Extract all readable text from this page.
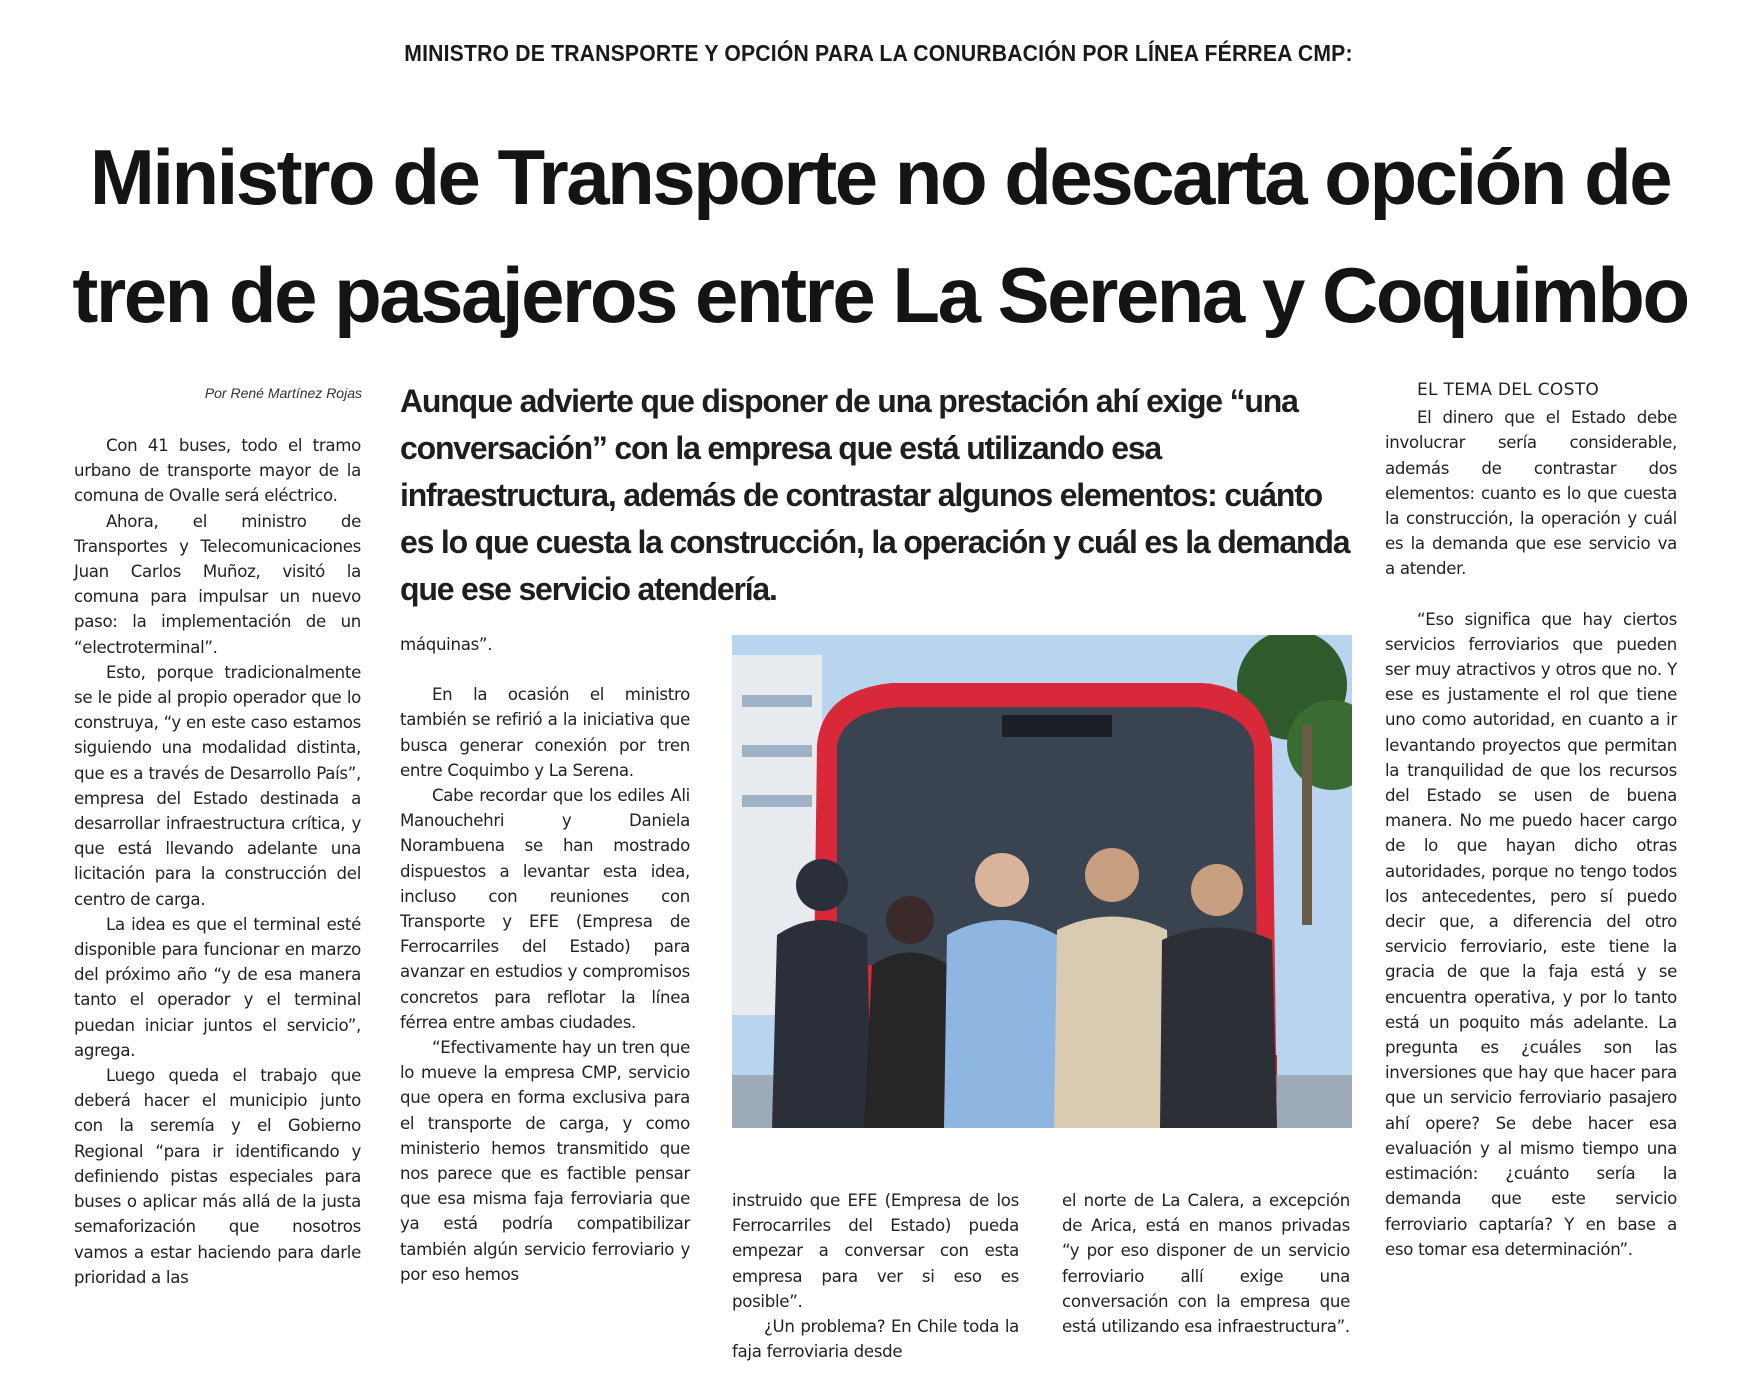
MINISTRO DE TRANSPORTE Y OPCIÓN PARA LA CONURBACIÓN POR LÍNEA FÉRREA CMP:
Ministro de Transporte no descarta opción de tren de pasajeros entre La Serena y Coquimbo
Por René Martínez Rojas Aunque advierte que disponer de una prestación ahí exige “una conversación” con la empresa que está utilizando esa infraestructura, además de contrastar algunos elementos: cuánto es lo que cuesta la construcción, la operación y cuál es la demanda que ese servicio atendería.

Con 41 buses, todo el tramo urbano de transporte mayor de la comuna de Ovalle será eléctrico.

Ahora, el ministro de Transportes y Telecomunicaciones Juan Carlos Muñoz, visitó la comuna para impulsar un nuevo paso: la implementación de un “electroterminal”.

Esto, porque tradicionalmente se le pide al propio operador que lo construya, “y en este caso estamos siguiendo una modalidad distinta, que es a través de Desarrollo País”, empresa del Estado destinada a desarrollar infraestructura crítica, y que está llevando adelante una licitación para la construcción del centro de carga.

La idea es que el terminal esté disponible para funcionar en marzo del próximo año “y de esa manera tanto el operador y el terminal puedan iniciar juntos el servicio”, agrega.

Luego queda el trabajo que deberá hacer el municipio junto con la seremía y el Gobierno Regional “para ir identificando y definiendo pistas especiales para buses o aplicar más allá de la justa semaforización que nosotros vamos a estar haciendo para darle prioridad a las

máquinas”.

En la ocasión el ministro también se refirió a la iniciativa que busca generar conexión por tren entre Coquimbo y La Serena.

Cabe recordar que los ediles Ali Manouchehri y Daniela Norambuena se han mostrado dispuestos a levantar esta idea, incluso con reuniones con Transporte y EFE (Empresa de Ferrocarriles del Estado) para avanzar en estudios y compromisos concretos para reflotar la línea férrea entre ambas ciudades.

“Efectivamente hay un tren que lo mueve la empresa CMP, servicio que opera en forma exclusiva para el transporte de carga, y como ministerio hemos transmitido que nos parece que es factible pensar que esa misma faja ferroviaria que ya está podría compatibilizar también algún servicio ferroviario y por eso hemos

instruido que EFE (Empresa de los Ferrocarriles del Estado) pueda empezar a conversar con esta empresa para ver si eso es posible”.

¿Un problema? En Chile toda la faja ferroviaria desde

el norte de La Calera, a excepción de Arica, está en manos privadas “y por eso disponer de un servicio ferroviario allí exige una conversación con la empresa que está utilizando esa infraestructura”.

EL TEMA DEL COSTO

El dinero que el Estado debe involucrar sería considerable, además de contrastar dos elementos: cuanto es lo que cuesta la construcción, la operación y cuál es la demanda que ese servicio va a atender.

“Eso significa que hay ciertos servicios ferroviarios que pueden ser muy atractivos y otros que no. Y ese es justamente el rol que tiene uno como autoridad, en cuanto a ir levantando proyectos que permitan la tranquilidad de que los recursos del Estado se usen de buena manera. No me puedo hacer cargo de lo que hayan dicho otras autoridades, porque no tengo todos los antecedentes, pero sí puedo decir que, a diferencia del otro servicio ferroviario, este tiene la gracia de que la faja está y se encuentra operativa, y por lo tanto está un poquito más adelante. La pregunta es ¿cuáles son las inversiones que hay que hacer para que un servicio ferroviario pasajero ahí opere? Se debe hacer esa evaluación y al mismo tiempo una estimación: ¿cuánto sería la demanda que este servicio ferroviario captaría? Y en base a eso tomar esa determinación”.
